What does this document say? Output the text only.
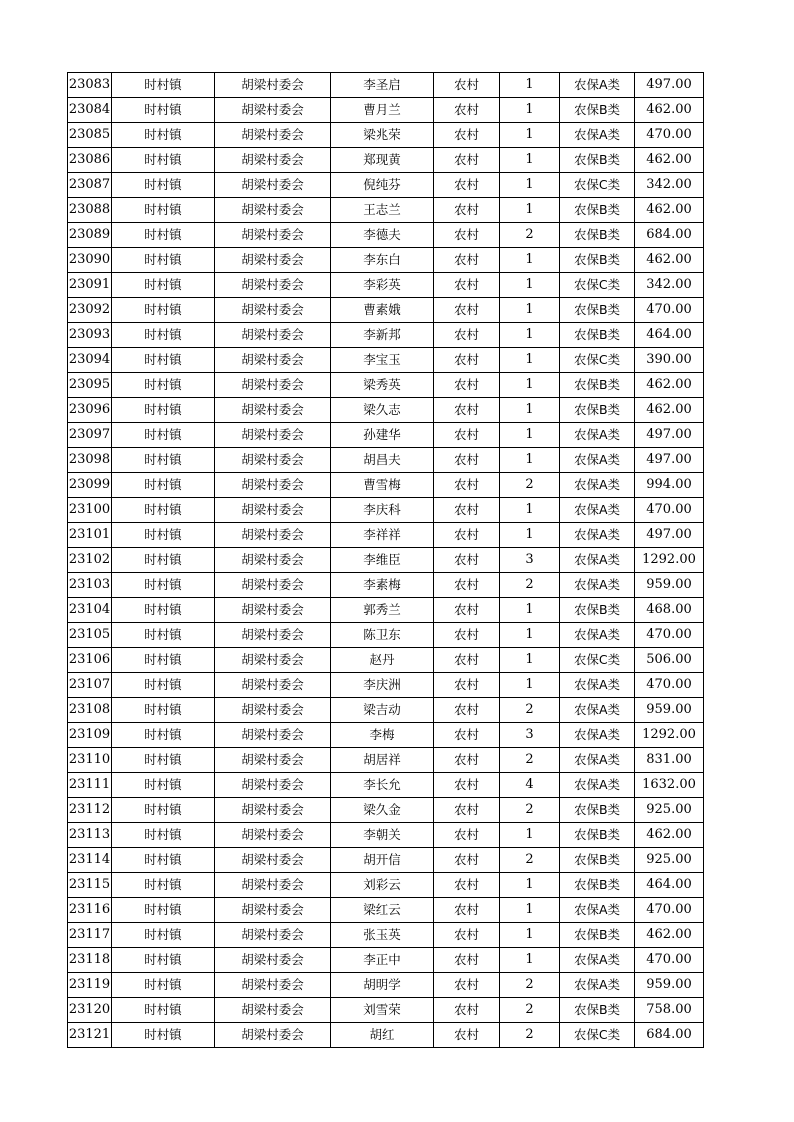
23083	时村镇	胡梁村委会	李圣启	农村	1	农保A类	497.00
23084	时村镇	胡梁村委会	曹月兰	农村	1	农保B类	462.00
23085	时村镇	胡梁村委会	梁兆荣	农村	1	农保A类	470.00
23086	时村镇	胡梁村委会	郑现黄	农村	1	农保B类	462.00
23087	时村镇	胡梁村委会	倪纯芬	农村	1	农保C类	342.00
23088	时村镇	胡梁村委会	王志兰	农村	1	农保B类	462.00
23089	时村镇	胡梁村委会	李德夫	农村	2	农保B类	684.00
23090	时村镇	胡梁村委会	李东白	农村	1	农保B类	462.00
23091	时村镇	胡梁村委会	李彩英	农村	1	农保C类	342.00
23092	时村镇	胡梁村委会	曹素娥	农村	1	农保B类	470.00
23093	时村镇	胡梁村委会	李新邦	农村	1	农保B类	464.00
23094	时村镇	胡梁村委会	李宝玉	农村	1	农保C类	390.00
23095	时村镇	胡梁村委会	梁秀英	农村	1	农保B类	462.00
23096	时村镇	胡梁村委会	梁久志	农村	1	农保B类	462.00
23097	时村镇	胡梁村委会	孙建华	农村	1	农保A类	497.00
23098	时村镇	胡梁村委会	胡昌夫	农村	1	农保A类	497.00
23099	时村镇	胡梁村委会	曹雪梅	农村	2	农保A类	994.00
23100	时村镇	胡梁村委会	李庆科	农村	1	农保A类	470.00
23101	时村镇	胡梁村委会	李祥祥	农村	1	农保A类	497.00
23102	时村镇	胡梁村委会	李维臣	农村	3	农保A类	1292.00
23103	时村镇	胡梁村委会	李素梅	农村	2	农保A类	959.00
23104	时村镇	胡梁村委会	郭秀兰	农村	1	农保B类	468.00
23105	时村镇	胡梁村委会	陈卫东	农村	1	农保A类	470.00
23106	时村镇	胡梁村委会	赵丹	农村	1	农保C类	506.00
23107	时村镇	胡梁村委会	李庆洲	农村	1	农保A类	470.00
23108	时村镇	胡梁村委会	梁吉动	农村	2	农保A类	959.00
23109	时村镇	胡梁村委会	李梅	农村	3	农保A类	1292.00
23110	时村镇	胡梁村委会	胡居祥	农村	2	农保A类	831.00
23111	时村镇	胡梁村委会	李长允	农村	4	农保A类	1632.00
23112	时村镇	胡梁村委会	梁久金	农村	2	农保B类	925.00
23113	时村镇	胡梁村委会	李朝关	农村	1	农保B类	462.00
23114	时村镇	胡梁村委会	胡开信	农村	2	农保B类	925.00
23115	时村镇	胡梁村委会	刘彩云	农村	1	农保B类	464.00
23116	时村镇	胡梁村委会	梁红云	农村	1	农保A类	470.00
23117	时村镇	胡梁村委会	张玉英	农村	1	农保B类	462.00
23118	时村镇	胡梁村委会	李正中	农村	1	农保A类	470.00
23119	时村镇	胡梁村委会	胡明学	农村	2	农保A类	959.00
23120	时村镇	胡梁村委会	刘雪荣	农村	2	农保B类	758.00
23121	时村镇	胡梁村委会	胡红	农村	2	农保C类	684.00
